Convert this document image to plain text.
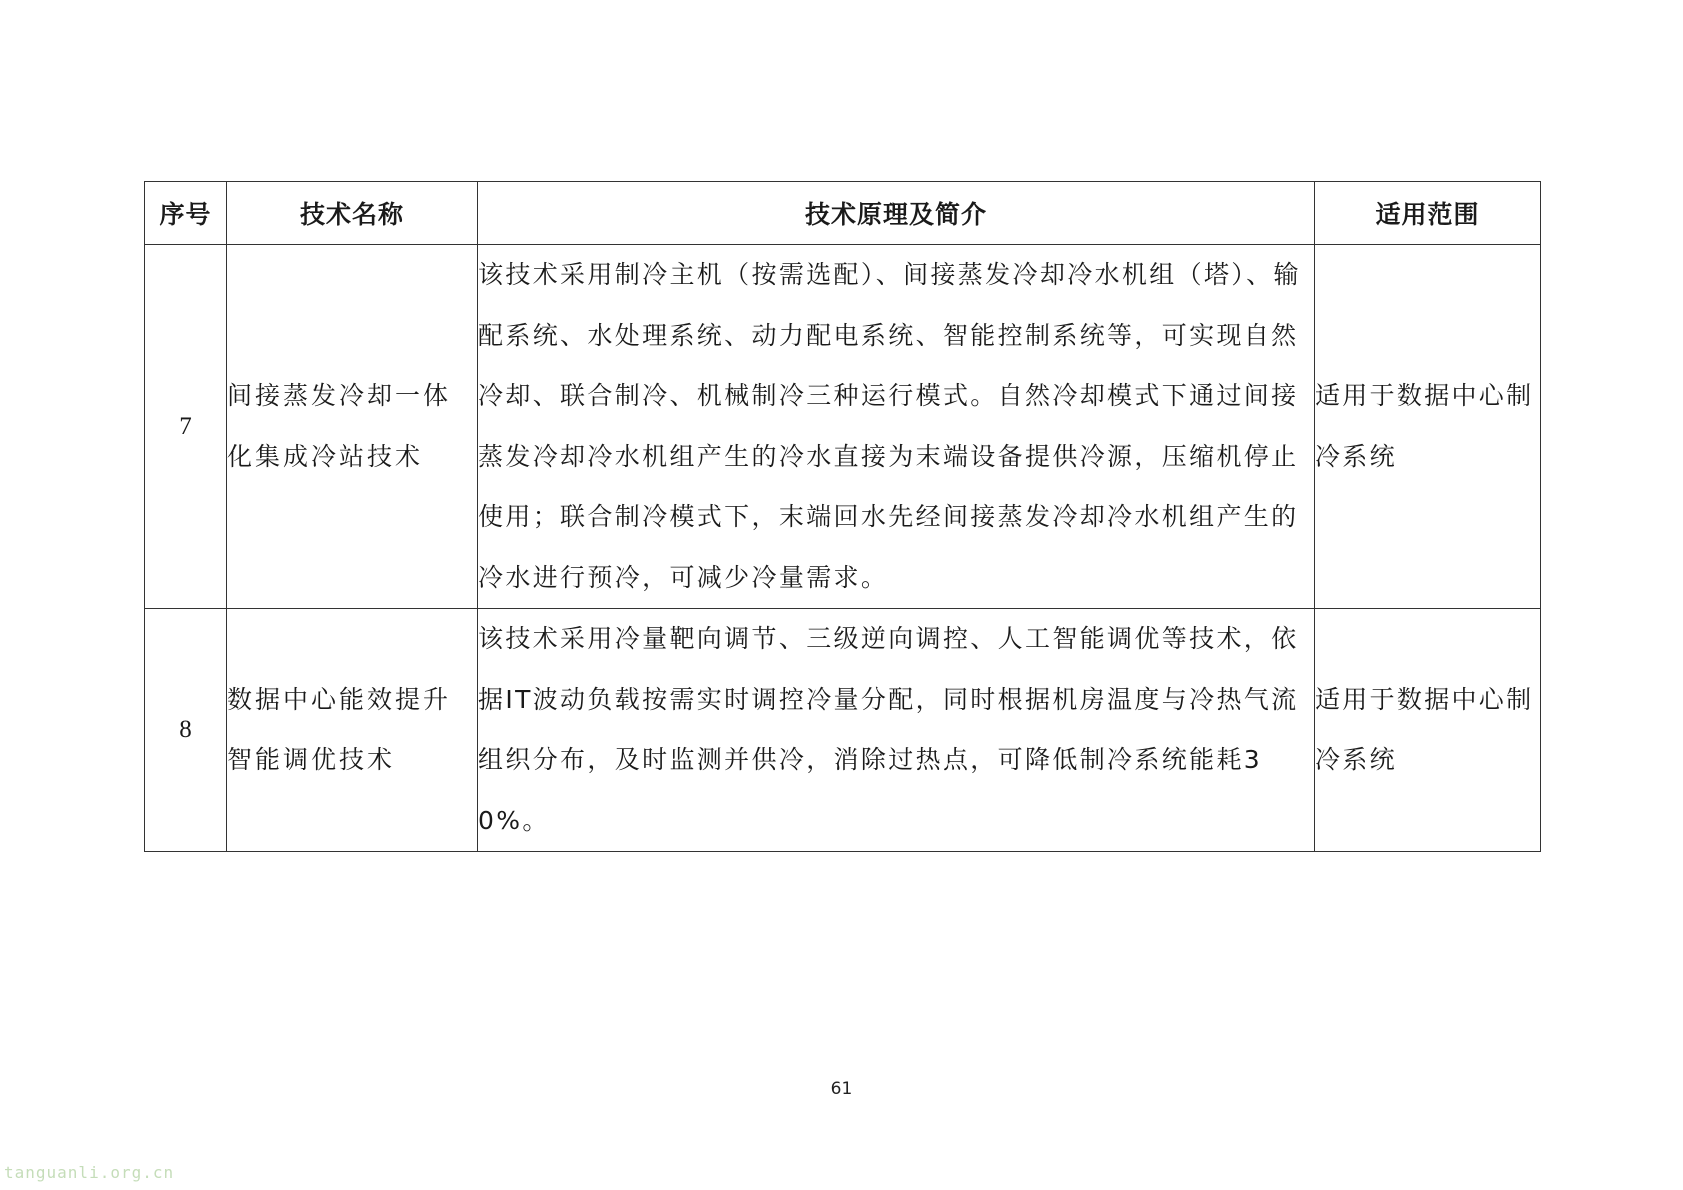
序号	技术名称	技术原理及简介	适用范围
7	间接蒸发冷却一体化集成冷站技术	该技术采用制冷主机（按需选配）、间接蒸发冷却冷水机组（塔）、输配系统、水处理系统、动力配电系统、智能控制系统等，可实现自然冷却、联合制冷、机械制冷三种运行模式。自然冷却模式下通过间接蒸发冷却冷水机组产生的冷水直接为末端设备提供冷源，压缩机停止使用；联合制冷模式下，末端回水先经间接蒸发冷却冷水机组产生的冷水进行预冷，可减少冷量需求。	适用于数据中心制冷系统
8	数据中心能效提升智能调优技术	该技术采用冷量靶向调节、三级逆向调控、人工智能调优等技术，依据IT波动负载按需实时调控冷量分配，同时根据机房温度与冷热气流组织分布，及时监测并供冷，消除过热点，可降低制冷系统能耗30%。	适用于数据中心制冷系统
61
tanguanli.org.cn
